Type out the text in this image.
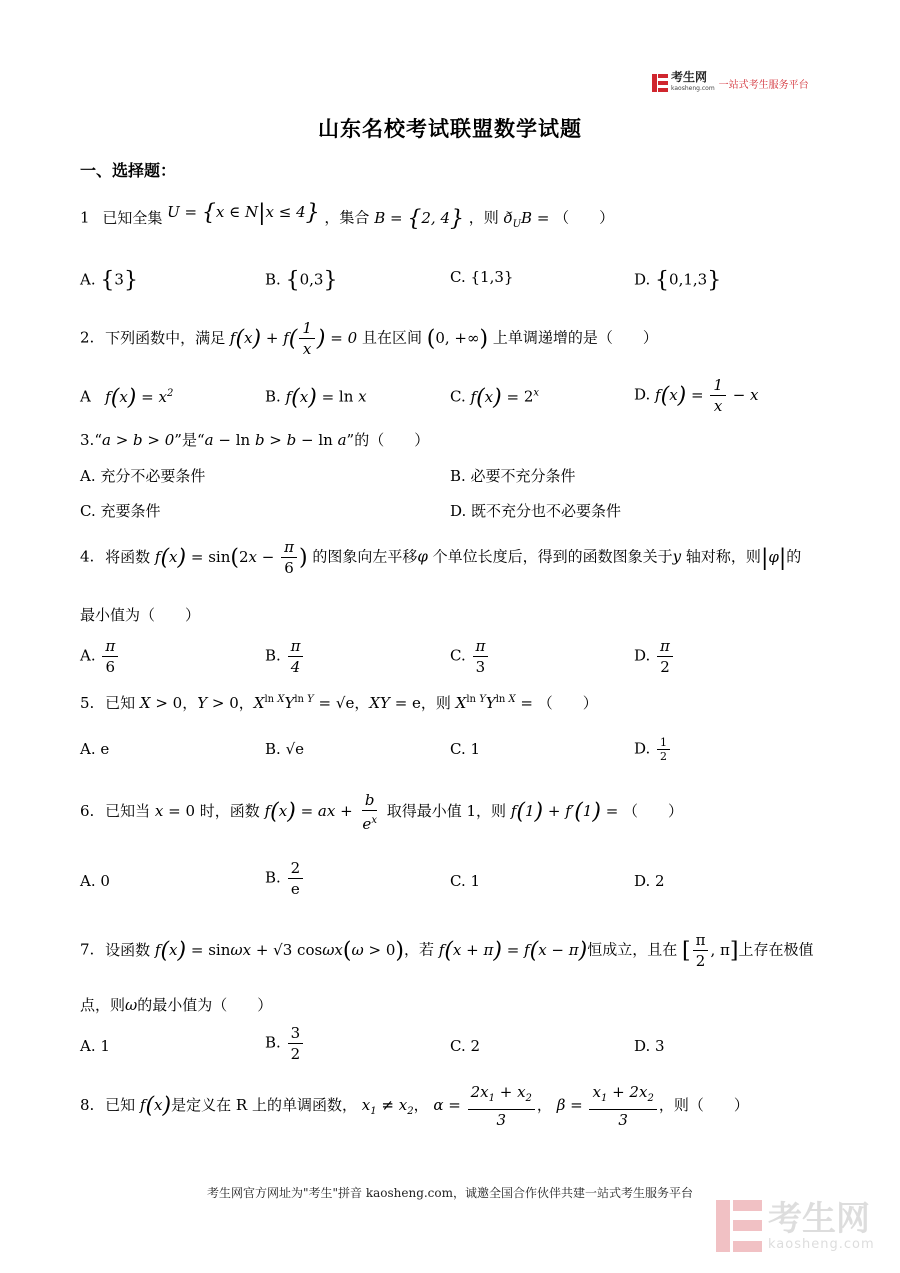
考生网
kaosheng.com 一站式考生服务平台
山东名校考试联盟数学试题
一、选择题：
1 已知全集 U = {x ∈ N|x ≤ 4} ，集合 B = {2, 4} ，则 $ð_UB$ = （　　）
A. {3}	B. {0,3}	C. {1,3}	D. {0,1,3}
2. 下列函数中，满足 $f(x) + f( \frac{1}{x}$ ) = 0 且在区间 (0, +∞) 上单调递增的是（　　）
A $f(x) = x^2$	B. f(x) = ln x	C. $f(x) = 2^x$	D. $f(x) = \frac{1}{x} - x$
3.“a > b > 0”是“a − ln b > b − ln a”的（　　）
A. 充分不必要条件	B. 必要不充分条件
C. 充要条件	D. 既不充分也不必要条件
4. 将函数 $f(x) = \sin(2x - \frac{\pi}{6}$ ) 的图象向左平移φ 个单位长度后，得到的函数图象关于y 轴对称，则|φ|的
最小值为（　　）
A. $\frac{\pi}{6}$	B. $\frac{\pi}{4}$	C. $\frac{\pi}{3}$	D. $\frac{\pi}{2}$
5. 已知 X > 0，Y > 0，$X^{ln X}Y^{ln Y} = √e$，XY = e，则 $X^{ln Y}Y^{ln X}$ = （　　）
A. e	B. √e	C. 1	D. $\frac{1}{2}$
6. 已知当 x = 0 时，函数 f(x) = ax + $\frac{b}{e^x}$ 取得最小值 1，则 f(1) + f′(1) = （　　）
A. 0	B. $\frac{2}{e}$	C. 1	D. 2
7. 设函数 f(x) = sinωx + √3 cosωx(ω > 0)，若 f(x + π) = f(x − π)恒成立，且在 [ $\frac{\pi}{2}$ , π]上存在极值
点，则ω的最小值为（　　）
A. 1	B. $\frac{3}{2}$	C. 2	D. 3
8. 已知 f(x)是定义在 R 上的单调函数， $x_1 \ne x_2$， $\alpha = \frac{2x_1 + x_2}{3}$ ， $\beta = \frac{x_1 + 2x_2}{3}$ ，则（　　）
考生网官方网址为"考生"拼音 kaosheng.com，诚邀全国合作伙伴共建一站式考生服务平台
考生网
kaosheng.com
